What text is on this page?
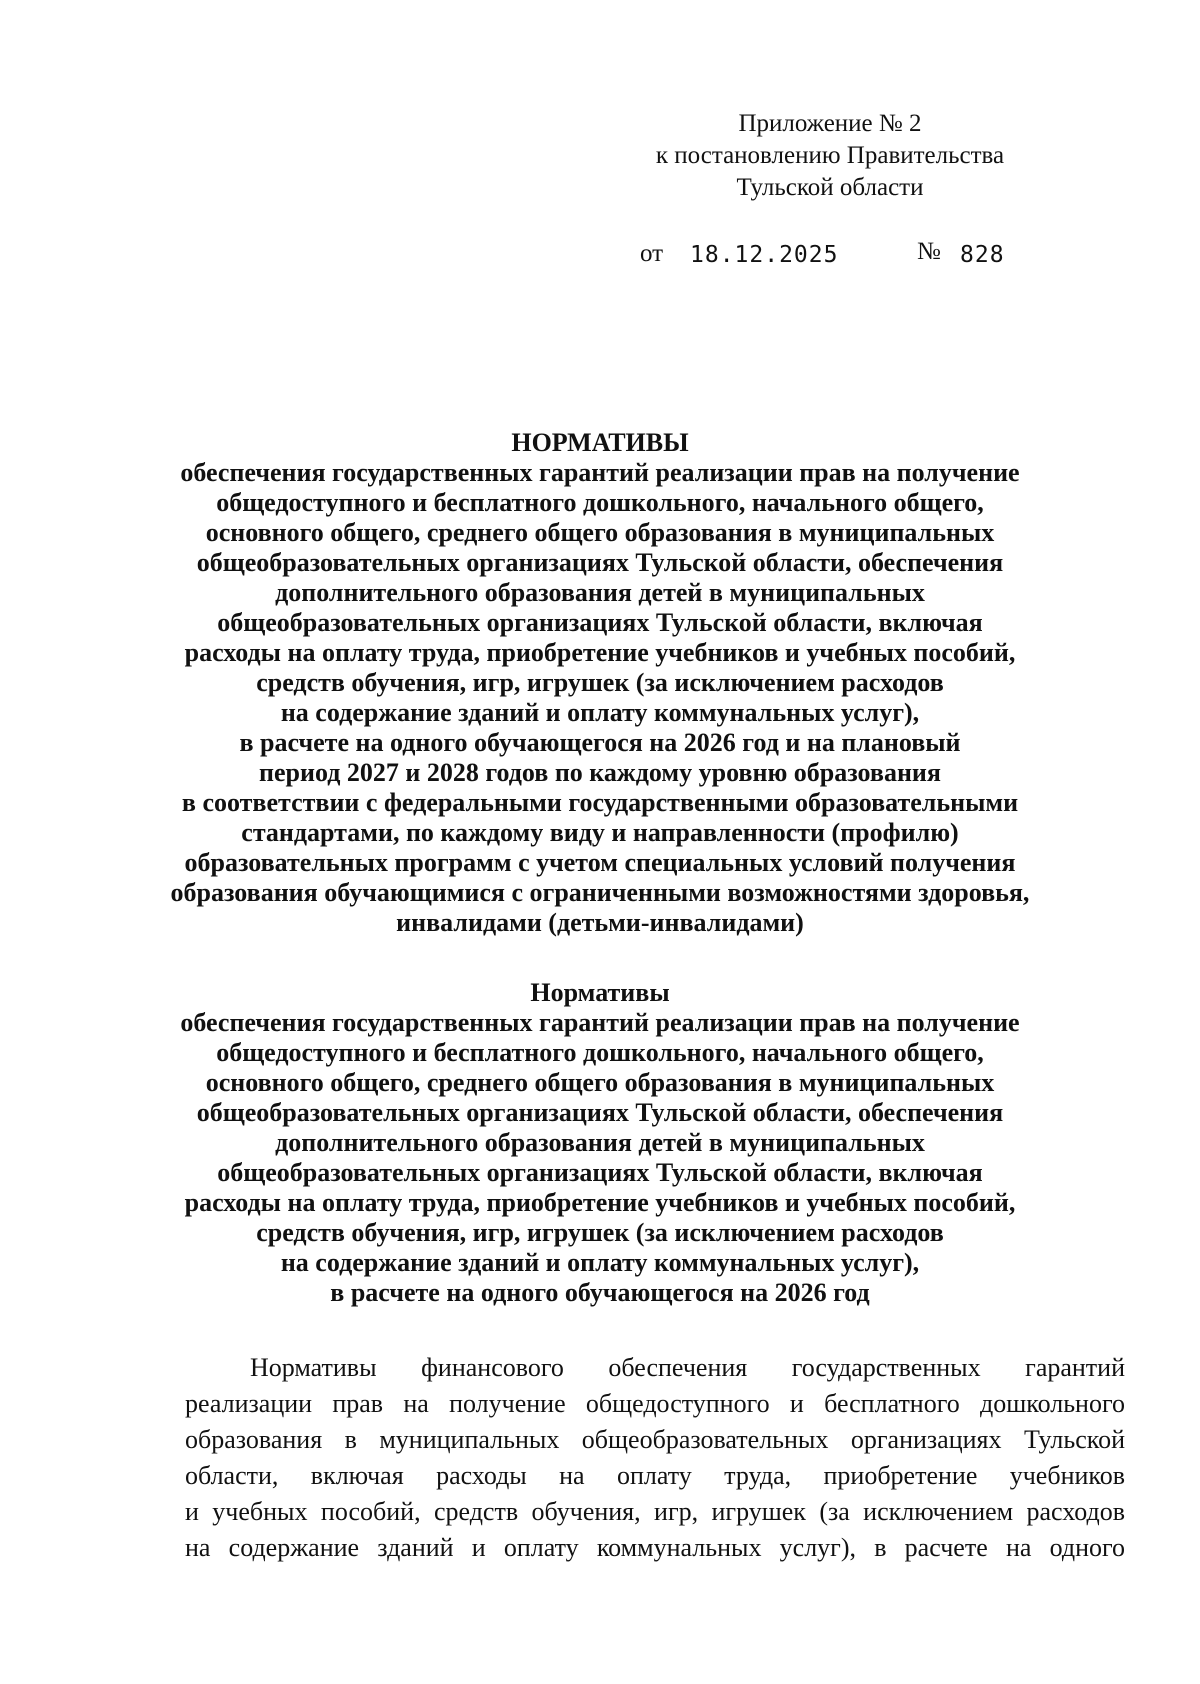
Приложение № 2
к постановлению Правительства
Тульской области
от 18.12.2025	№ 828
НОРМАТИВЫ
обеспечения государственных гарантий реализации прав на получение
общедоступного и бесплатного дошкольного, начального общего,
основного общего, среднего общего образования в муниципальных
общеобразовательных организациях Тульской области, обеспечения
дополнительного образования детей в муниципальных
общеобразовательных организациях Тульской области, включая
расходы на оплату труда, приобретение учебников и учебных пособий,
средств обучения, игр, игрушек (за исключением расходов
на содержание зданий и оплату коммунальных услуг),
в расчете на одного обучающегося на 2026 год и на плановый
период 2027 и 2028 годов по каждому уровню образования
в соответствии с федеральными государственными образовательными
стандартами, по каждому виду и направленности (профилю)
образовательных программ с учетом специальных условий получения
образования обучающимися с ограниченными возможностями здоровья,
инвалидами (детьми-инвалидами)
Нормативы
обеспечения государственных гарантий реализации прав на получение
общедоступного и бесплатного дошкольного, начального общего,
основного общего, среднего общего образования в муниципальных
общеобразовательных организациях Тульской области, обеспечения
дополнительного образования детей в муниципальных
общеобразовательных организациях Тульской области, включая
расходы на оплату труда, приобретение учебников и учебных пособий,
средств обучения, игр, игрушек (за исключением расходов
на содержание зданий и оплату коммунальных услуг),
в расчете на одного обучающегося на 2026 год
Нормативы финансового обеспечения государственных гарантий
реализации прав на получение общедоступного и бесплатного дошкольного
образования в муниципальных общеобразовательных организациях Тульской
области, включая расходы на оплату труда, приобретение учебников
и учебных пособий, средств обучения, игр, игрушек (за исключением расходов
на содержание зданий и оплату коммунальных услуг), в расчете на одного
